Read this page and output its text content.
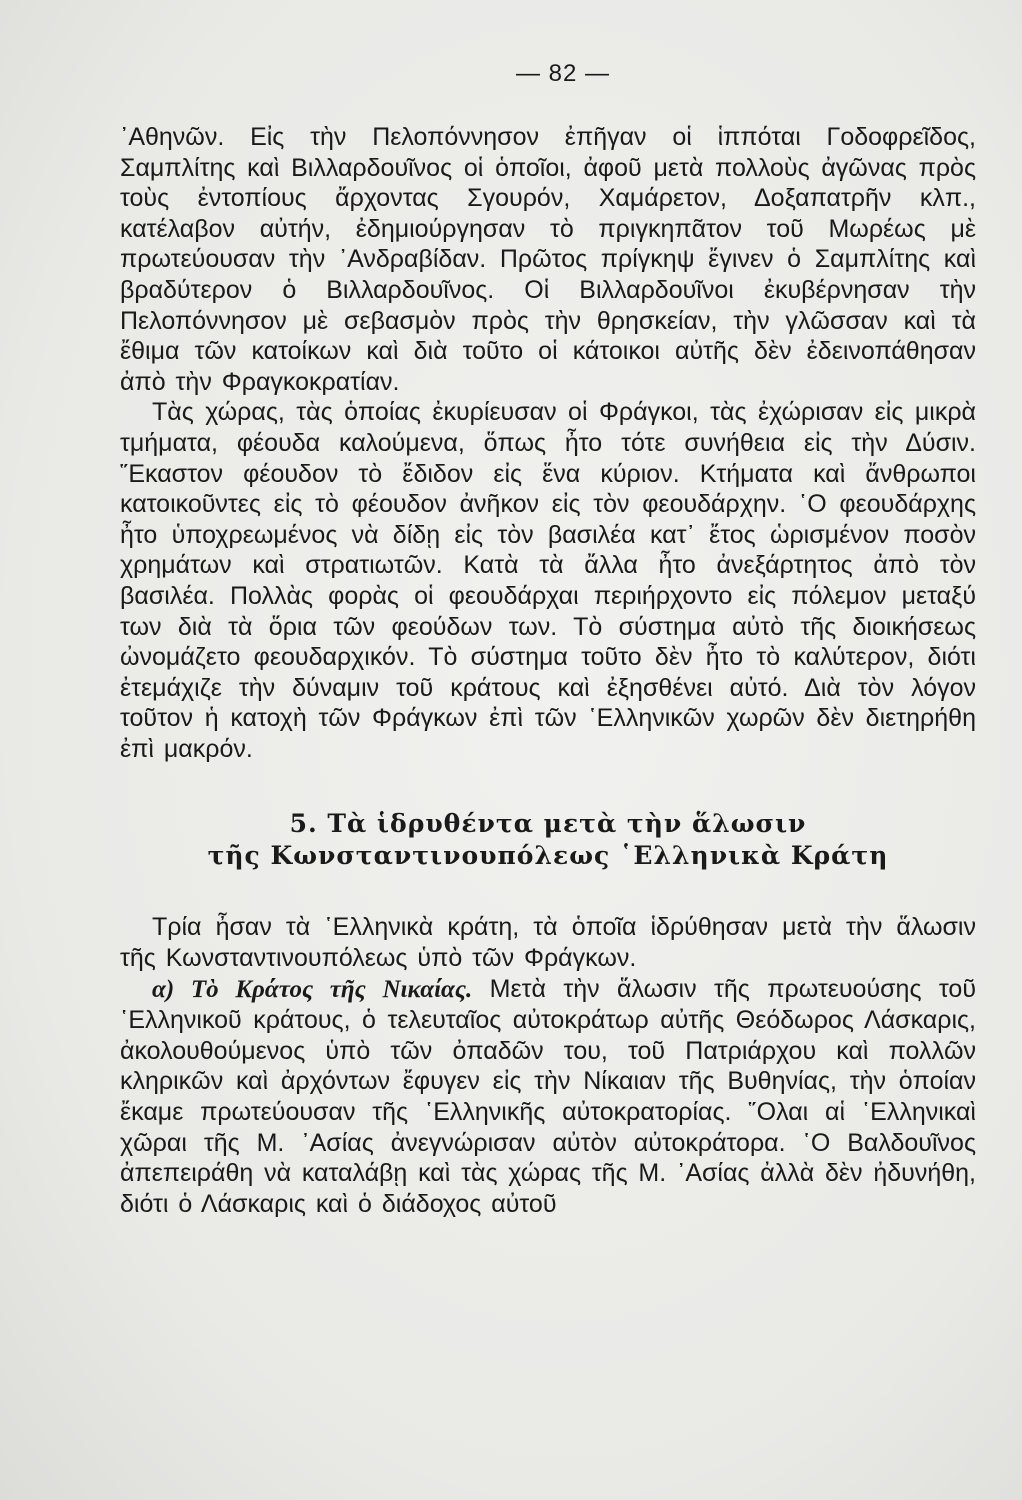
— 82 —

᾿Αθηνῶν. Εἰς τὴν Πελοπόννησον ἐπῆγαν οἱ ἱππόται Γοδοφρεῖδος, Σαμπλίτης καὶ Βιλλαρδουῖνος οἱ ὁποῖοι, ἀφοῦ μετὰ πολλοὺς ἀγῶνας πρὸς τοὺς ἐντοπίους ἄρχοντας Σγουρόν, Χαμάρετον, Δοξαπατρῆν κλπ., κατέλαβον αὐτήν, ἐδημιούργησαν τὸ πριγκηπᾶτον τοῦ Μωρέως μὲ πρωτεύουσαν τὴν ᾿Ανδραβίδαν. Πρῶτος πρίγκηψ ἔγινεν ὁ Σαμπλίτης καὶ βραδύτερον ὁ Βιλλαρδουῖνος. Οἱ Βιλλαρδουῖνοι ἐκυβέρνησαν τὴν Πελοπόννησον μὲ σεβασμὸν πρὸς τὴν θρησκείαν, τὴν γλῶσσαν καὶ τὰ ἔθιμα τῶν κατοίκων καὶ διὰ τοῦτο οἱ κάτοικοι αὐτῆς δὲν ἐδεινοπάθησαν ἀπὸ τὴν Φραγκοκρατίαν.

Τὰς χώρας, τὰς ὁποίας ἐκυρίευσαν οἱ Φράγκοι, τὰς ἐχώρισαν εἰς μικρὰ τμήματα, φέουδα καλούμενα, ὅπως ἦτο τότε συνήθεια εἰς τὴν Δύσιν. ῞Εκαστον φέουδον τὸ ἔδιδον εἰς ἕνα κύριον. Κτήματα καὶ ἄνθρωποι κατοικοῦντες εἰς τὸ φέουδον ἀνῆκον εἰς τὸν φεουδάρχην. ῾Ο φεουδάρχης ἦτο ὑποχρεωμένος νὰ δίδῃ εἰς τὸν βασιλέα κατ᾿ ἔτος ὡρισμένον ποσὸν χρημάτων καὶ στρατιωτῶν. Κατὰ τὰ ἄλλα ἦτο ἀνεξάρτητος ἀπὸ τὸν βασιλέα. Πολλὰς φορὰς οἱ φεουδάρχαι περιήρχοντο εἰς πόλεμον μεταξύ των διὰ τὰ ὅρια τῶν φεούδων των. Τὸ σύστημα αὐτὸ τῆς διοικήσεως ὠνομάζετο φεουδαρχικόν. Τὸ σύστημα τοῦτο δὲν ἦτο τὸ καλύτερον, διότι ἐτεμάχιζε τὴν δύναμιν τοῦ κράτους καὶ ἐξησθένει αὐτό. Διὰ τὸν λόγον τοῦτον ἡ κατοχὴ τῶν Φράγκων ἐπὶ τῶν ῾Ελληνικῶν χωρῶν δὲν διετηρήθη ἐπὶ μακρόν.

5. Τὰ ἱδρυθέντα μετὰ τὴν ἅλωσιν
τῆς Κωνσταντινουπόλεως ῾Ελληνικὰ Κράτη

Τρία ἦσαν τὰ ῾Ελληνικὰ κράτη, τὰ ὁποῖα ἱδρύθησαν μετὰ τὴν ἅλωσιν τῆς Κωνσταντινουπόλεως ὑπὸ τῶν Φράγκων.

α) Τὸ Κράτος τῆς Νικαίας. Μετὰ τὴν ἅλωσιν τῆς πρωτευούσης τοῦ ῾Ελληνικοῦ κράτους, ὁ τελευταῖος αὐτοκράτωρ αὐτῆς Θεόδωρος Λάσκαρις, ἀκολουθούμενος ὑπὸ τῶν ὀπαδῶν του, τοῦ Πατριάρχου καὶ πολλῶν κληρικῶν καὶ ἀρχόντων ἔφυγεν εἰς τὴν Νίκαιαν τῆς Βυθηνίας, τὴν ὁποίαν ἔκαμε πρωτεύουσαν τῆς ῾Ελληνικῆς αὐτοκρατορίας. ῞Ολαι αἱ ῾Ελληνικαὶ χῶραι τῆς Μ. ᾿Ασίας ἀνεγνώρισαν αὐτὸν αὐτοκράτορα. ῾Ο Βαλδουῖνος ἀπεπειράθη νὰ καταλάβῃ καὶ τὰς χώρας τῆς Μ. ᾿Ασίας ἀλλὰ δὲν ἠδυνήθη, διότι ὁ Λάσκαρις καὶ ὁ διάδοχος αὐτοῦ
